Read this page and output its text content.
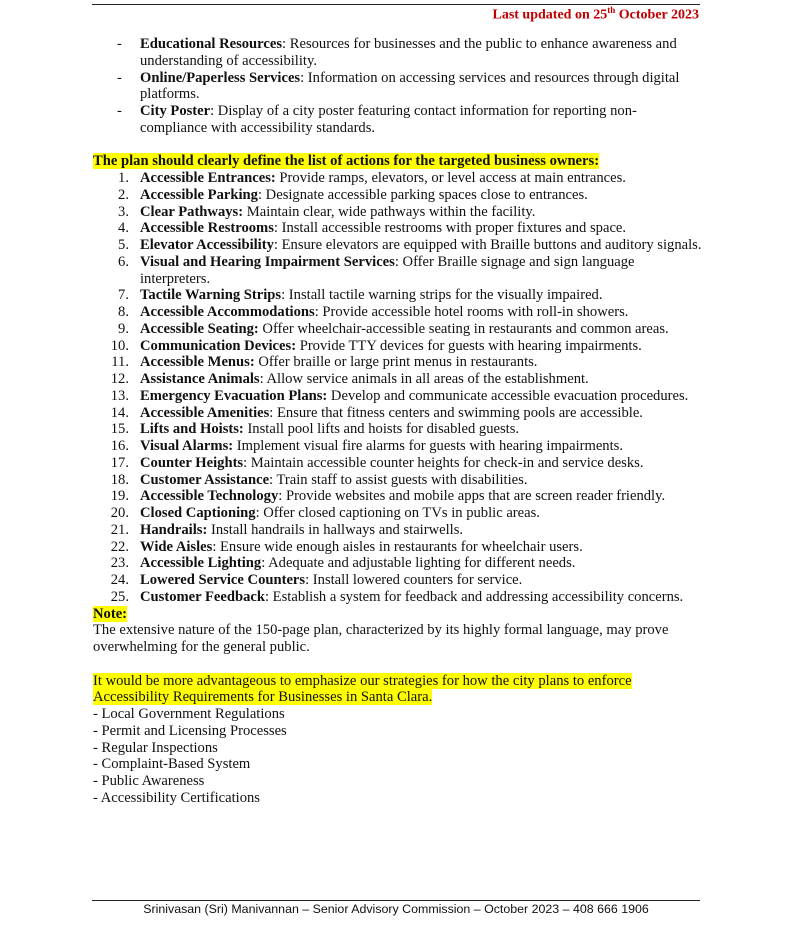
Last updated on 25th October 2023
- Educational Resources: Resources for businesses and the public to enhance awareness and understanding of accessibility.
- Online/Paperless Services: Information on accessing services and resources through digital platforms.
- City Poster: Display of a city poster featuring contact information for reporting non-compliance with accessibility standards.
The plan should clearly define the list of actions for the targeted business owners:
1. Accessible Entrances: Provide ramps, elevators, or level access at main entrances.
2. Accessible Parking: Designate accessible parking spaces close to entrances.
3. Clear Pathways: Maintain clear, wide pathways within the facility.
4. Accessible Restrooms: Install accessible restrooms with proper fixtures and space.
5. Elevator Accessibility: Ensure elevators are equipped with Braille buttons and auditory signals.
6. Visual and Hearing Impairment Services: Offer Braille signage and sign language interpreters.
7. Tactile Warning Strips: Install tactile warning strips for the visually impaired.
8. Accessible Accommodations: Provide accessible hotel rooms with roll-in showers.
9. Accessible Seating: Offer wheelchair-accessible seating in restaurants and common areas.
10. Communication Devices: Provide TTY devices for guests with hearing impairments.
11. Accessible Menus: Offer braille or large print menus in restaurants.
12. Assistance Animals: Allow service animals in all areas of the establishment.
13. Emergency Evacuation Plans: Develop and communicate accessible evacuation procedures.
14. Accessible Amenities: Ensure that fitness centers and swimming pools are accessible.
15. Lifts and Hoists: Install pool lifts and hoists for disabled guests.
16. Visual Alarms: Implement visual fire alarms for guests with hearing impairments.
17. Counter Heights: Maintain accessible counter heights for check-in and service desks.
18. Customer Assistance: Train staff to assist guests with disabilities.
19. Accessible Technology: Provide websites and mobile apps that are screen reader friendly.
20. Closed Captioning: Offer closed captioning on TVs in public areas.
21. Handrails: Install handrails in hallways and stairwells.
22. Wide Aisles: Ensure wide enough aisles in restaurants for wheelchair users.
23. Accessible Lighting: Adequate and adjustable lighting for different needs.
24. Lowered Service Counters: Install lowered counters for service.
25. Customer Feedback: Establish a system for feedback and addressing accessibility concerns.
Note:
The extensive nature of the 150-page plan, characterized by its highly formal language, may prove overwhelming for the general public.
It would be more advantageous to emphasize our strategies for how the city plans to enforce Accessibility Requirements for Businesses in Santa Clara.
- Local Government Regulations
- Permit and Licensing Processes
- Regular Inspections
- Complaint-Based System
- Public Awareness
- Accessibility Certifications
Srinivasan (Sri) Manivannan – Senior Advisory Commission – October 2023 – 408 666 1906
